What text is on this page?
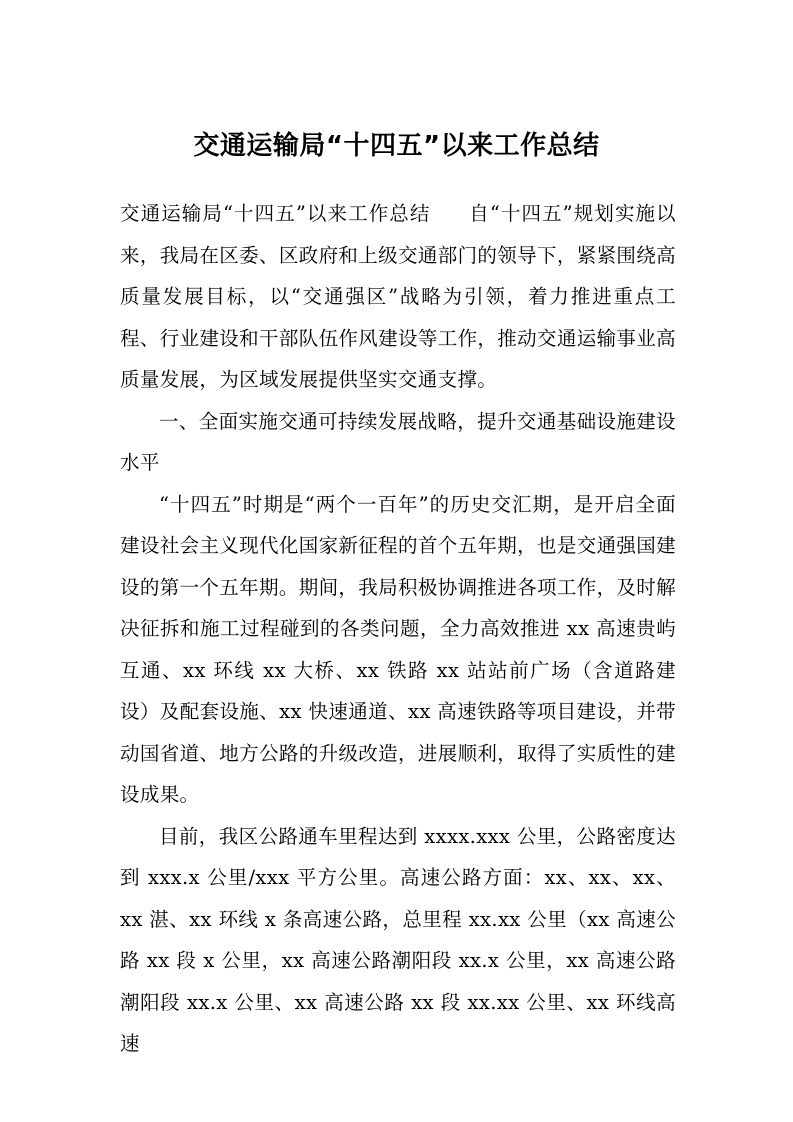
交通运输局“十四五”以来工作总结

交通运输局“十四五”以来工作总结 自“十四五”规划实施以来，我局在区委、区政府和上级交通部门的领导下，紧紧围绕高质量发展目标，以“交通强区”战略为引领，着力推进重点工程、行业建设和干部队伍作风建设等工作，推动交通运输事业高质量发展，为区域发展提供坚实交通支撑。

一、全面实施交通可持续发展战略，提升交通基础设施建设水平

“十四五”时期是“两个一百年”的历史交汇期，是开启全面建设社会主义现代化国家新征程的首个五年期，也是交通强国建设的第一个五年期。期间，我局积极协调推进各项工作，及时解决征拆和施工过程碰到的各类问题，全力高效推进 xx 高速贵屿互通、xx 环线 xx 大桥、xx 铁路 xx 站站前广场（含道路建设）及配套设施、xx 快速通道、xx 高速铁路等项目建设，并带动国省道、地方公路的升级改造，进展顺利，取得了实质性的建设成果。

目前，我区公路通车里程达到 xxxx.xxx 公里，公路密度达到 xxx.x 公里/xxx 平方公里。高速公路方面：xx、xx、xx、xx 湛、xx 环线 x 条高速公路，总里程 xx.xx 公里（xx 高速公路 xx 段 x 公里，xx 高速公路潮阳段 xx.x 公里，xx 高速公路潮阳段 xx.x 公里、xx 高速公路 xx 段 xx.xx 公里、xx 环线高速
